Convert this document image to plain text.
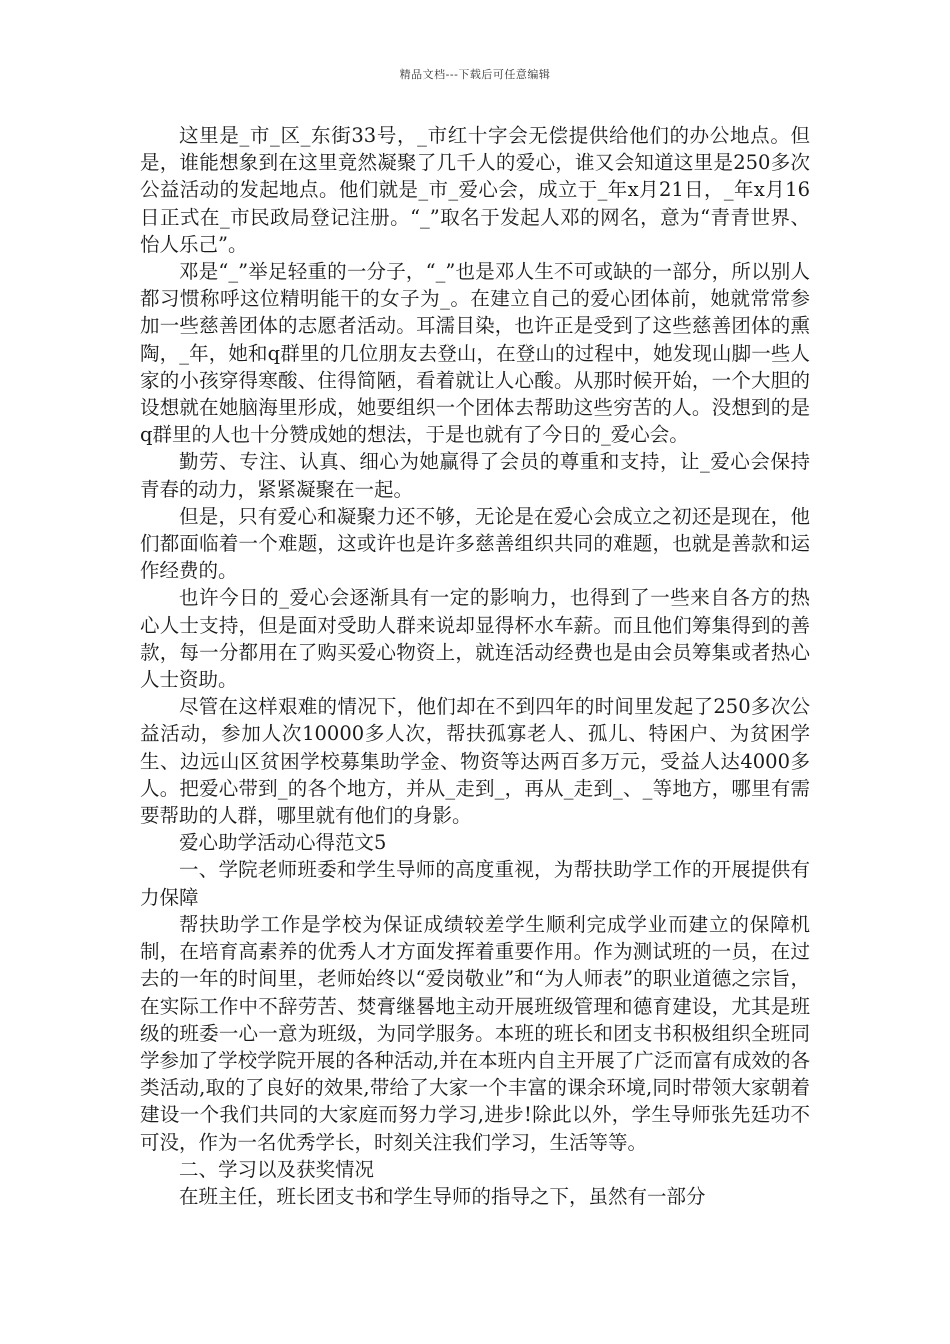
精品文档---下载后可任意编辑

这里是_市_区_东街33号，_市红十字会无偿提供给他们的办公地点。但是，谁能想象到在这里竟然凝聚了几千人的爱心，谁又会知道这里是250多次公益活动的发起地点。他们就是_市_爱心会，成立于_年x月21日，_年x月16日正式在_市民政局登记注册。“_”取名于发起人邓的网名，意为“青青世界、怡人乐己”。

邓是“_”举足轻重的一分子，“_”也是邓人生不可或缺的一部分，所以别人都习惯称呼这位精明能干的女子为_。在建立自己的爱心团体前，她就常常参加一些慈善团体的志愿者活动。耳濡目染，也许正是受到了这些慈善团体的熏陶，_年，她和q群里的几位朋友去登山，在登山的过程中，她发现山脚一些人家的小孩穿得寒酸、住得简陋，看着就让人心酸。从那时候开始，一个大胆的设想就在她脑海里形成，她要组织一个团体去帮助这些穷苦的人。没想到的是q群里的人也十分赞成她的想法，于是也就有了今日的_爱心会。

勤劳、专注、认真、细心为她赢得了会员的尊重和支持，让_爱心会保持青春的动力，紧紧凝聚在一起。

但是，只有爱心和凝聚力还不够，无论是在爱心会成立之初还是现在，他们都面临着一个难题，这或许也是许多慈善组织共同的难题，也就是善款和运作经费的。

也许今日的_爱心会逐渐具有一定的影响力，也得到了一些来自各方的热心人士支持，但是面对受助人群来说却显得杯水车薪。而且他们筹集得到的善款，每一分都用在了购买爱心物资上，就连活动经费也是由会员筹集或者热心人士资助。

尽管在这样艰难的情况下，他们却在不到四年的时间里发起了250多次公益活动，参加人次10000多人次，帮扶孤寡老人、孤儿、特困户、为贫困学生、边远山区贫困学校募集助学金、物资等达两百多万元，受益人达4000多人。把爱心带到_的各个地方，并从_走到_，再从_走到_、_等地方，哪里有需要帮助的人群，哪里就有他们的身影。

爱心助学活动心得范文5

一、学院老师班委和学生导师的高度重视，为帮扶助学工作的开展提供有力保障

帮扶助学工作是学校为保证成绩较差学生顺利完成学业而建立的保障机制，在培育高素养的优秀人才方面发挥着重要作用。作为测试班的一员，在过去的一年的时间里，老师始终以“爱岗敬业”和“为人师表”的职业道德之宗旨，在实际工作中不辞劳苦、焚膏继晷地主动开展班级管理和德育建设，尤其是班级的班委一心一意为班级，为同学服务。本班的班长和团支书积极组织全班同学参加了学校学院开展的各种活动,并在本班内自主开展了广泛而富有成效的各类活动,取的了良好的效果,带给了大家一个丰富的课余环境,同时带领大家朝着建设一个我们共同的大家庭而努力学习,进步!除此以外，学生导师张先廷功不可没，作为一名优秀学长，时刻关注我们学习，生活等等。

二、学习以及获奖情况

在班主任，班长团支书和学生导师的指导之下，虽然有一部分
